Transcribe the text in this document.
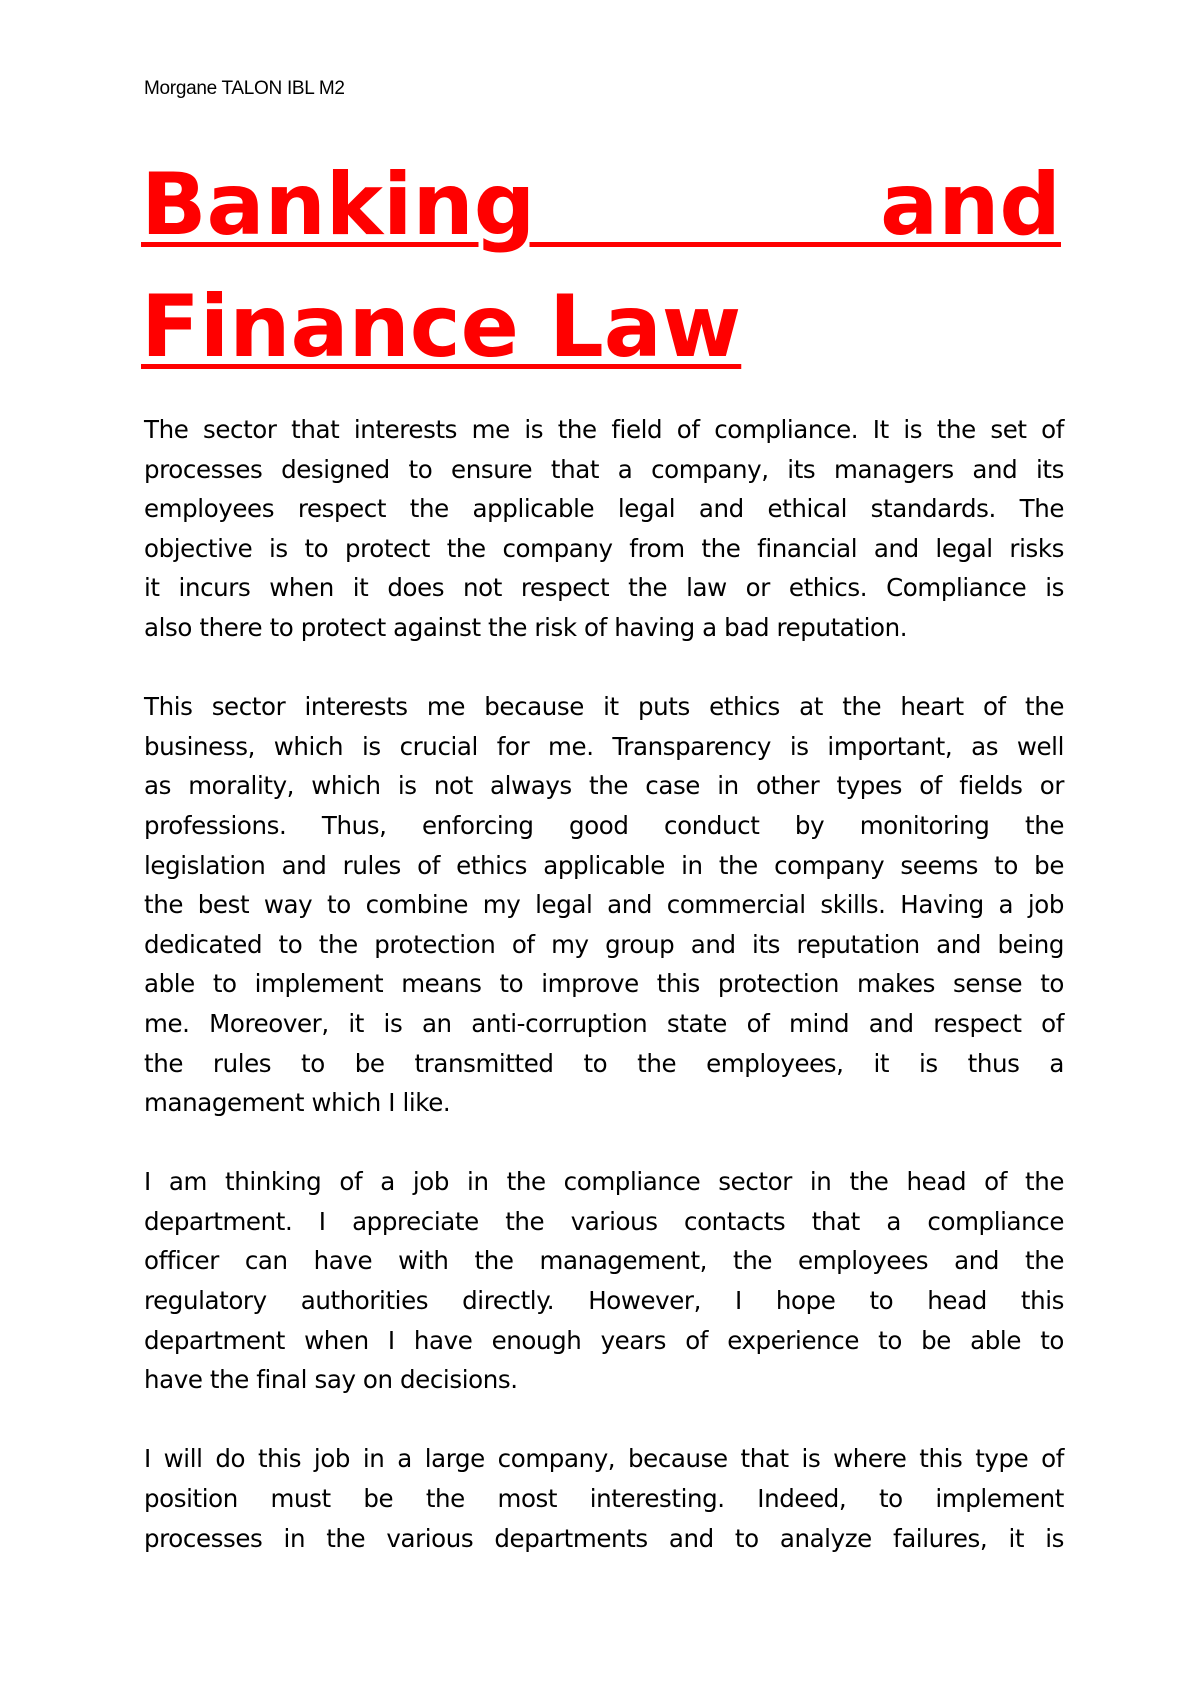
Morgane TALON IBL M2
Banking and
Finance Law

The sector that interests me is the field of compliance. It is the set of
processes designed to ensure that a company, its managers and its
employees respect the applicable legal and ethical standards. The
objective is to protect the company from the financial and legal risks
it incurs when it does not respect the law or ethics. Compliance is
also there to protect against the risk of having a bad reputation.

This sector interests me because it puts ethics at the heart of the
business, which is crucial for me. Transparency is important, as well
as morality, which is not always the case in other types of fields or
professions. Thus, enforcing good conduct by monitoring the
legislation and rules of ethics applicable in the company seems to be
the best way to combine my legal and commercial skills. Having a job
dedicated to the protection of my group and its reputation and being
able to implement means to improve this protection makes sense to
me. Moreover, it is an anti-corruption state of mind and respect of
the rules to be transmitted to the employees, it is thus a
management which I like.

I am thinking of a job in the compliance sector in the head of the
department. I appreciate the various contacts that a compliance
officer can have with the management, the employees and the
regulatory authorities directly. However, I hope to head this
department when I have enough years of experience to be able to
have the final say on decisions.

I will do this job in a large company, because that is where this type of
position must be the most interesting. Indeed, to implement
processes in the various departments and to analyze failures, it is
